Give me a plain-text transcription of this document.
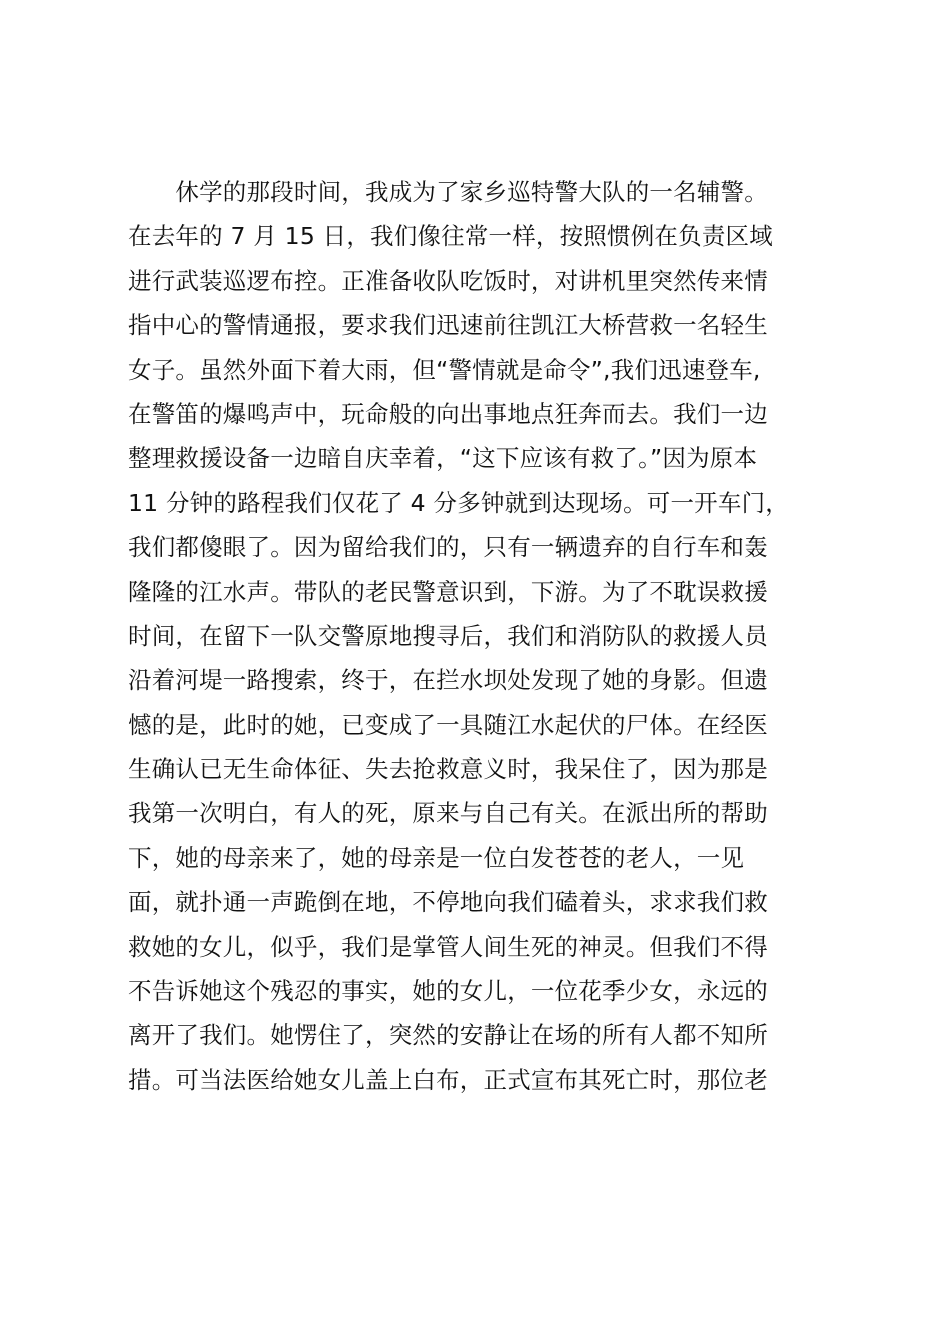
　　休学的那段时间，我成为了家乡巡特警大队的一名辅警。
在去年的 7 月 15 日，我们像往常一样，按照惯例在负责区域
进行武装巡逻布控。正准备收队吃饭时，对讲机里突然传来情
指中心的警情通报，要求我们迅速前往凯江大桥营救一名轻生
女子。虽然外面下着大雨，但“警情就是命令”,我们迅速登车,
在警笛的爆鸣声中，玩命般的向出事地点狂奔而去。我们一边
整理救援设备一边暗自庆幸着，“这下应该有救了。”因为原本
11 分钟的路程我们仅花了 4 分多钟就到达现场。可一开车门，
我们都傻眼了。因为留给我们的，只有一辆遗弃的自行车和轰
隆隆的江水声。带队的老民警意识到，下游。为了不耽误救援
时间，在留下一队交警原地搜寻后，我们和消防队的救援人员
沿着河堤一路搜索，终于，在拦水坝处发现了她的身影。但遗
憾的是，此时的她，已变成了一具随江水起伏的尸体。在经医
生确认已无生命体征、失去抢救意义时，我呆住了，因为那是
我第一次明白，有人的死，原来与自己有关。在派出所的帮助
下，她的母亲来了，她的母亲是一位白发苍苍的老人，一见
面，就扑通一声跪倒在地，不停地向我们磕着头，求求我们救
救她的女儿，似乎，我们是掌管人间生死的神灵。但我们不得
不告诉她这个残忍的事实，她的女儿，一位花季少女，永远的
离开了我们。她愣住了，突然的安静让在场的所有人都不知所
措。可当法医给她女儿盖上白布，正式宣布其死亡时，那位老
